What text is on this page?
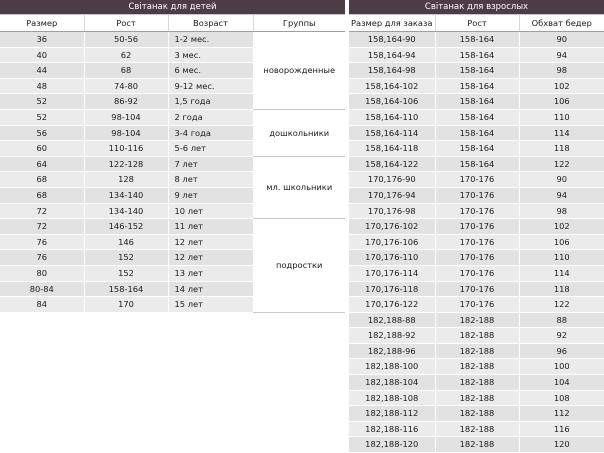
Світанак для детей
Размер	Рост	Возраст	Группы
36	50-56	1-2 мес.	новорожденные
40	62	3 мес.	
44	68	6 мес.	
48	74-80	9-12 мес.	
52	86-92	1,5 года	
52	98-104	2 года	дошкольники
56	98-104	3-4 года	
60	110-116	5-6 лет	
64	122-128	7 лет	мл. школьники
68	128	8 лет	
68	134-140	9 лет	
72	134-140	10 лет	
72	146-152	11 лет	подростки
76	146	12 лет	
76	152	12 лет	
80	152	13 лет	
80-84	158-164	14 лет	
84	170	15 лет	
Світанак для взрослых
Размер для заказа	Рост	Обхват бедер
158,164-90	158-164	90
158,164-94	158-164	94
158,164-98	158-164	98
158,164-102	158-164	102
158,164-106	158-164	106
158,164-110	158-164	110
158,164-114	158-164	114
158,164-118	158-164	118
158,164-122	158-164	122
170,176-90	170-176	90
170,176-94	170-176	94
170,176-98	170-176	98
170,176-102	170-176	102
170,176-106	170-176	106
170,176-110	170-176	110
170,176-114	170-176	114
170,176-118	170-176	118
170,176-122	170-176	122
182,188-88	182-188	88
182,188-92	182-188	92
182,188-96	182-188	96
182,188-100	182-188	100
182,188-104	182-188	104
182,188-108	182-188	108
182,188-112	182-188	112
182,188-116	182-188	116
182,188-120	182-188	120
